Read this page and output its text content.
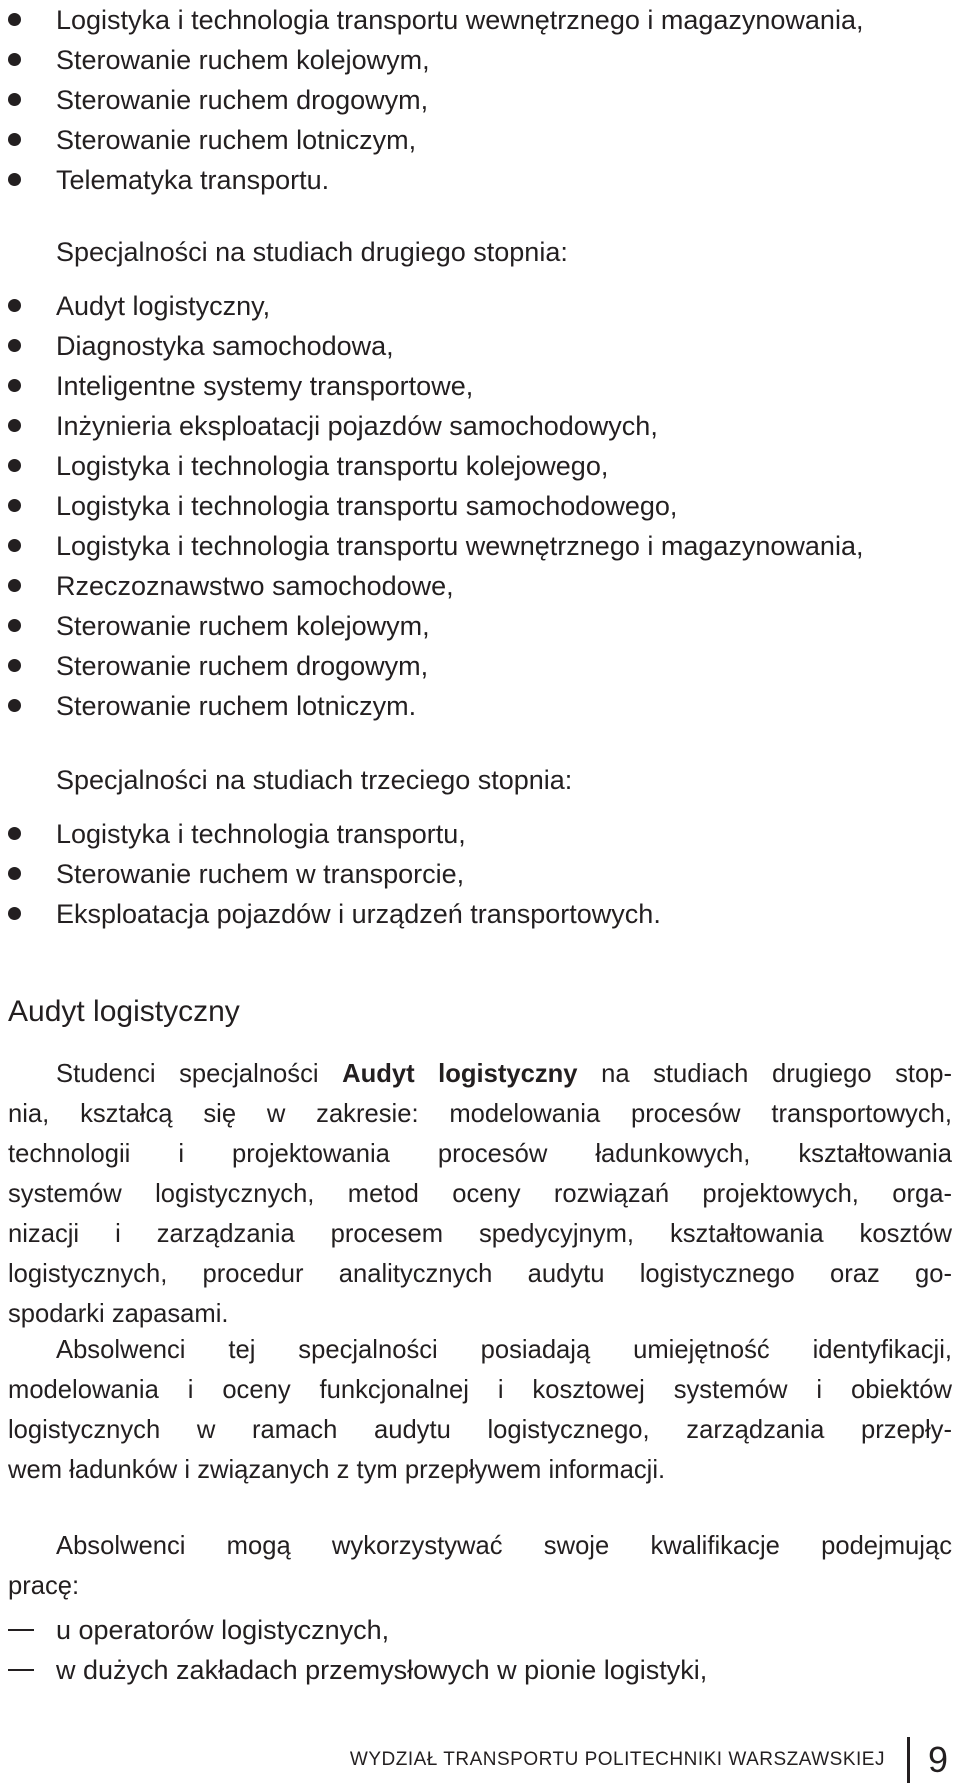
Logistyka i technologia transportu wewnętrznego i magazynowania,
Sterowanie ruchem kolejowym,
Sterowanie ruchem drogowym,
Sterowanie ruchem lotniczym,
Telematyka transportu.
Specjalności na studiach drugiego stopnia:
Audyt logistyczny,
Diagnostyka samochodowa,
Inteligentne systemy transportowe,
Inżynieria eksploatacji pojazdów samochodowych,
Logistyka i technologia transportu kolejowego,
Logistyka i technologia transportu samochodowego,
Logistyka i technologia transportu wewnętrznego i magazynowania,
Rzeczoznawstwo samochodowe,
Sterowanie ruchem kolejowym,
Sterowanie ruchem drogowym,
Sterowanie ruchem lotniczym.
Specjalności na studiach trzeciego stopnia:
Logistyka i technologia transportu,
Sterowanie ruchem w transporcie,
Eksploatacja pojazdów i urządzeń transportowych.
Audyt logistyczny
Studenci specjalności Audyt logistyczny na studiach drugiego stop-
nia, kształcą się w zakresie: modelowania procesów transportowych,
technologii i projektowania procesów ładunkowych, kształtowania
systemów logistycznych, metod oceny rozwiązań projektowych, orga-
nizacji i zarządzania procesem spedycyjnym, kształtowania kosztów
logistycznych, procedur analitycznych audytu logistycznego oraz go-
spodarki zapasami.
Absolwenci tej specjalności posiadają umiejętność identyfikacji,
modelowania i oceny funkcjonalnej i kosztowej systemów i obiektów
logistycznych w ramach audytu logistycznego, zarządzania przepły-
wem ładunków i związanych z tym przepływem informacji.
Absolwenci mogą wykorzystywać swoje kwalifikacje podejmując
pracę:
u operatorów logistycznych,
w dużych zakładach przemysłowych w pionie logistyki,
WYDZIAŁ TRANSPORTU POLITECHNIKI WARSZAWSKIEJ 9
